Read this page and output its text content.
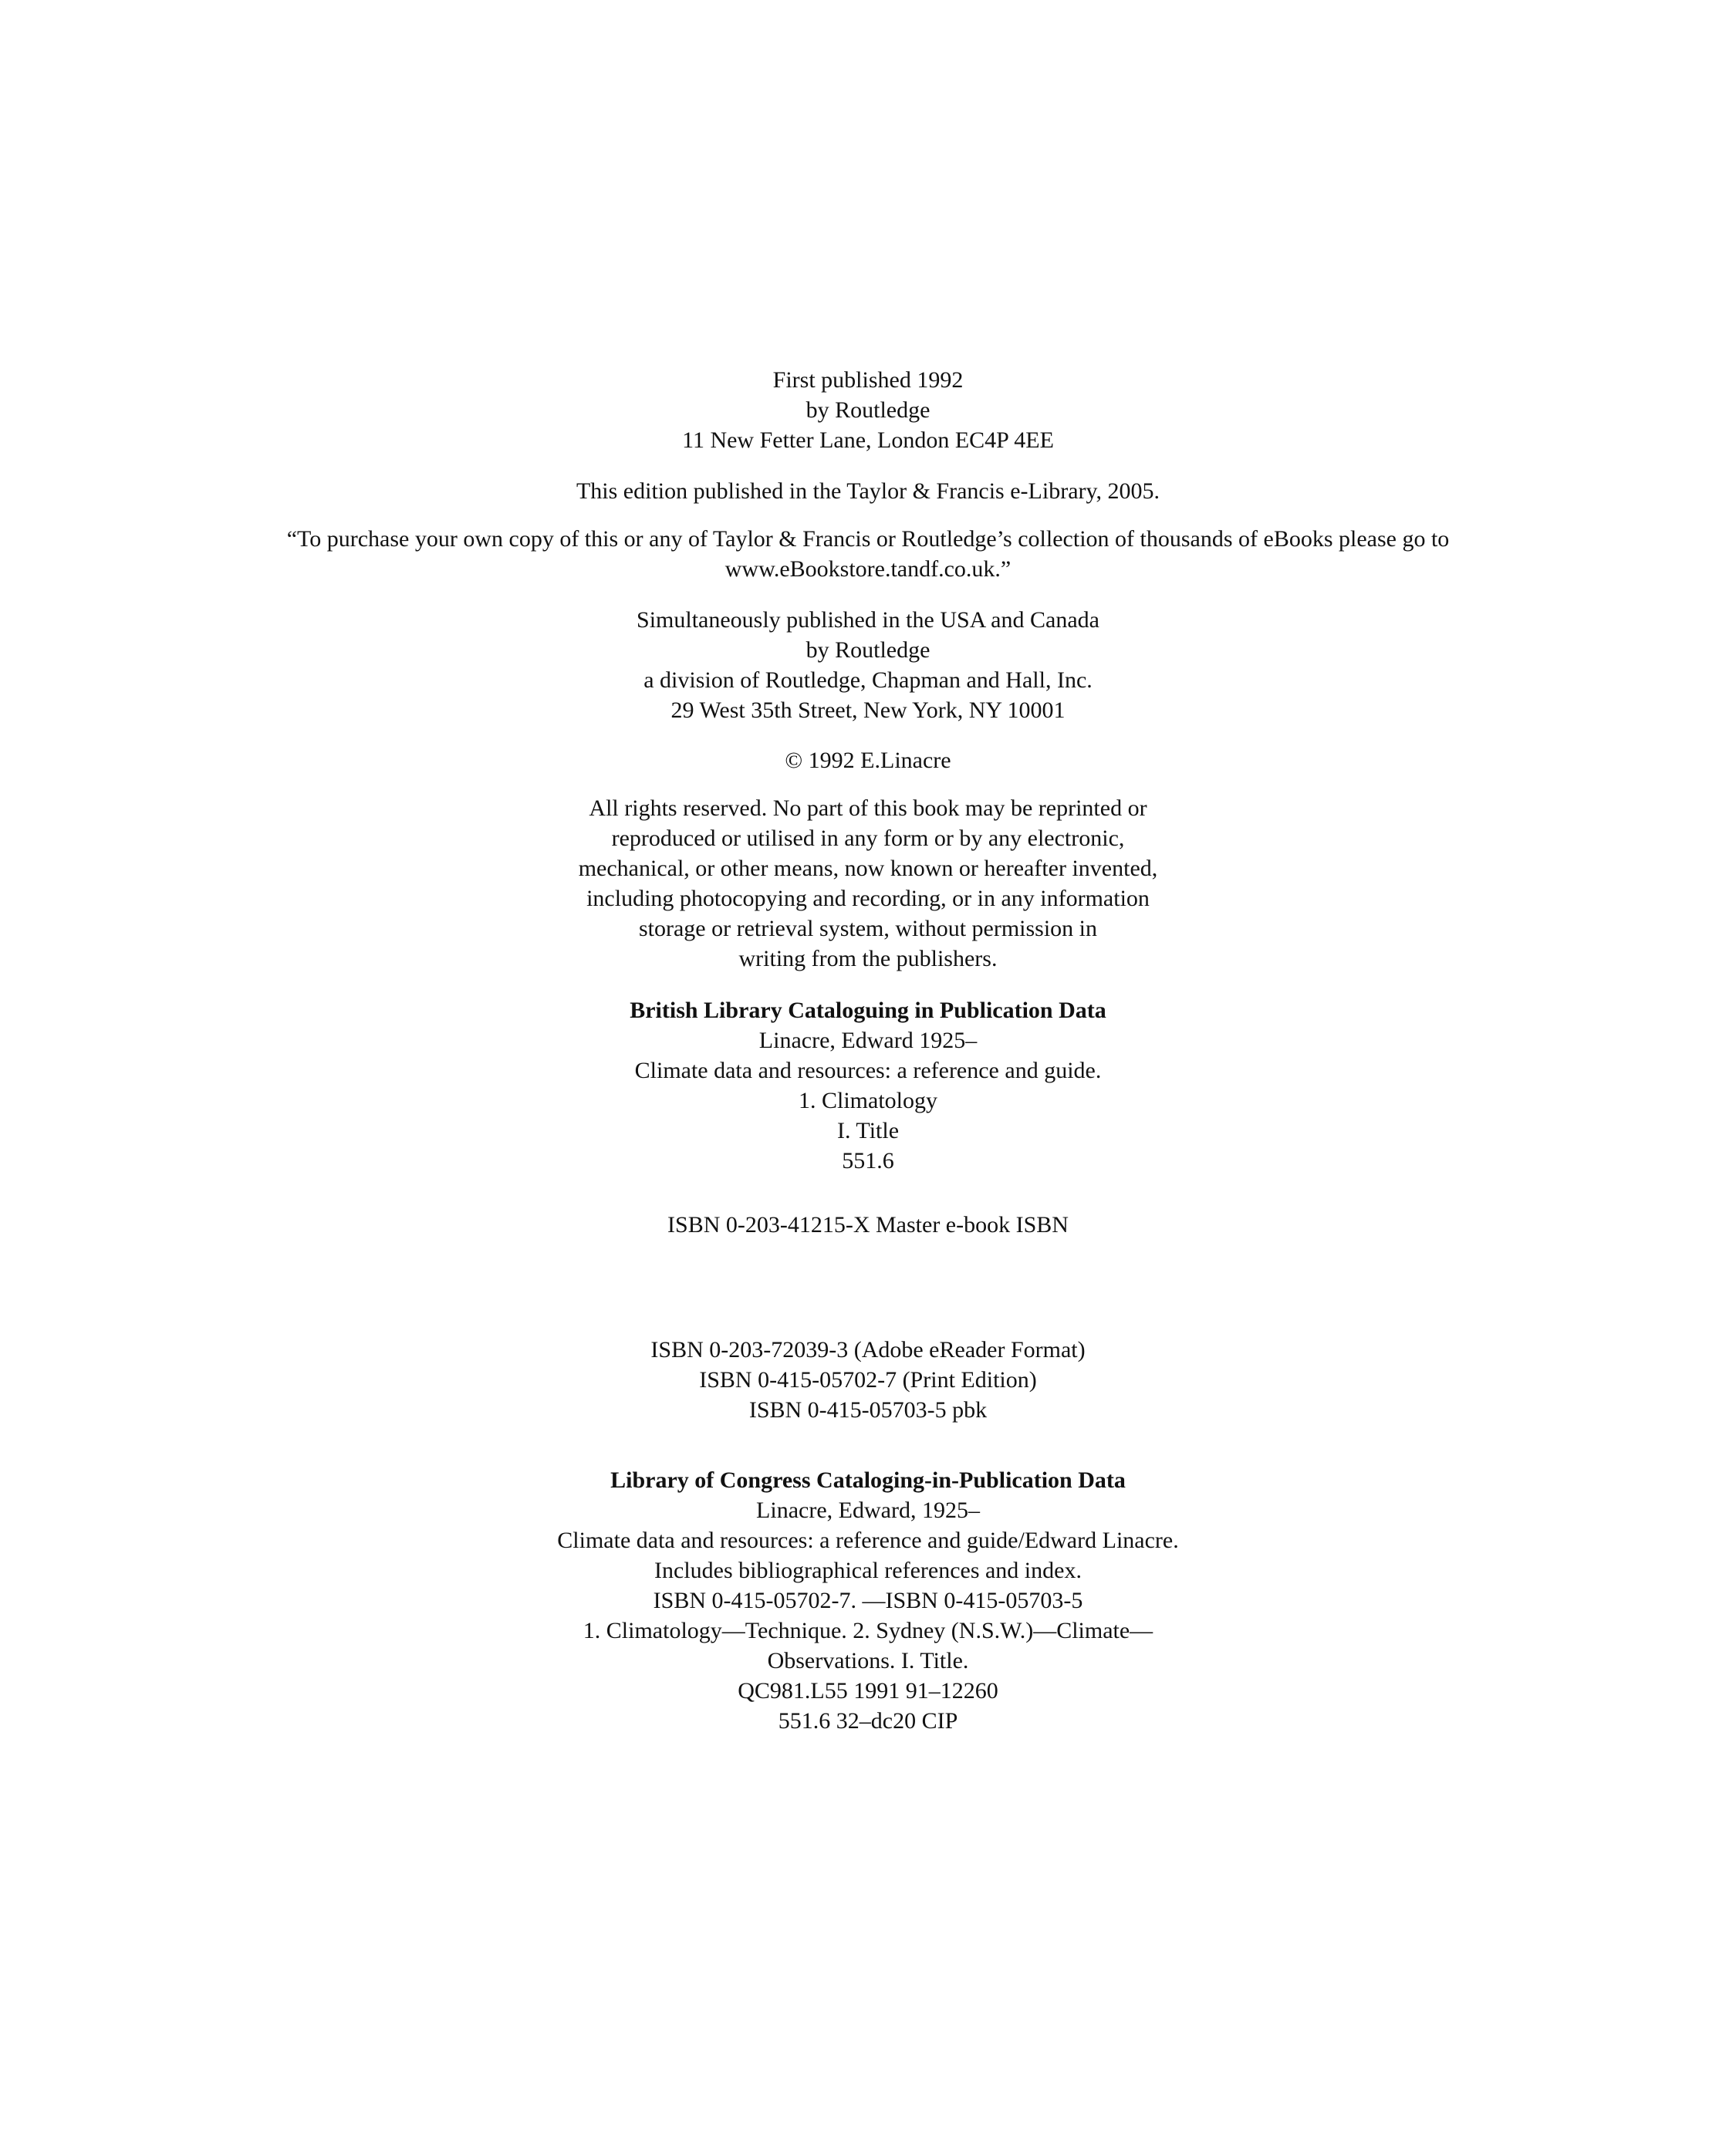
First published 1992
by Routledge
11 New Fetter Lane, London EC4P 4EE
This edition published in the Taylor & Francis e-Library, 2005.
“To purchase your own copy of this or any of Taylor & Francis or Routledge’s collection of thousands of eBooks please go to
www.eBookstore.tandf.co.uk.”
Simultaneously published in the USA and Canada
by Routledge
a division of Routledge, Chapman and Hall, Inc.
29 West 35th Street, New York, NY 10001
© 1992 E.Linacre
All rights reserved. No part of this book may be reprinted or
reproduced or utilised in any form or by any electronic,
mechanical, or other means, now known or hereafter invented,
including photocopying and recording, or in any information
storage or retrieval system, without permission in
writing from the publishers.
British Library Cataloguing in Publication Data
Linacre, Edward 1925–
Climate data and resources: a reference and guide.
1. Climatology
I. Title
551.6
ISBN 0-203-41215-X Master e-book ISBN
ISBN 0-203-72039-3 (Adobe eReader Format)
ISBN 0-415-05702-7 (Print Edition)
ISBN 0-415-05703-5 pbk
Library of Congress Cataloging-in-Publication Data
Linacre, Edward, 1925–
Climate data and resources: a reference and guide/Edward Linacre.
Includes bibliographical references and index.
ISBN 0-415-05702-7. —ISBN 0-415-05703-5
1. Climatology—Technique. 2. Sydney (N.S.W.)—Climate—
Observations. I. Title.
QC981.L55 1991 91–12260
551.6 32–dc20 CIP
